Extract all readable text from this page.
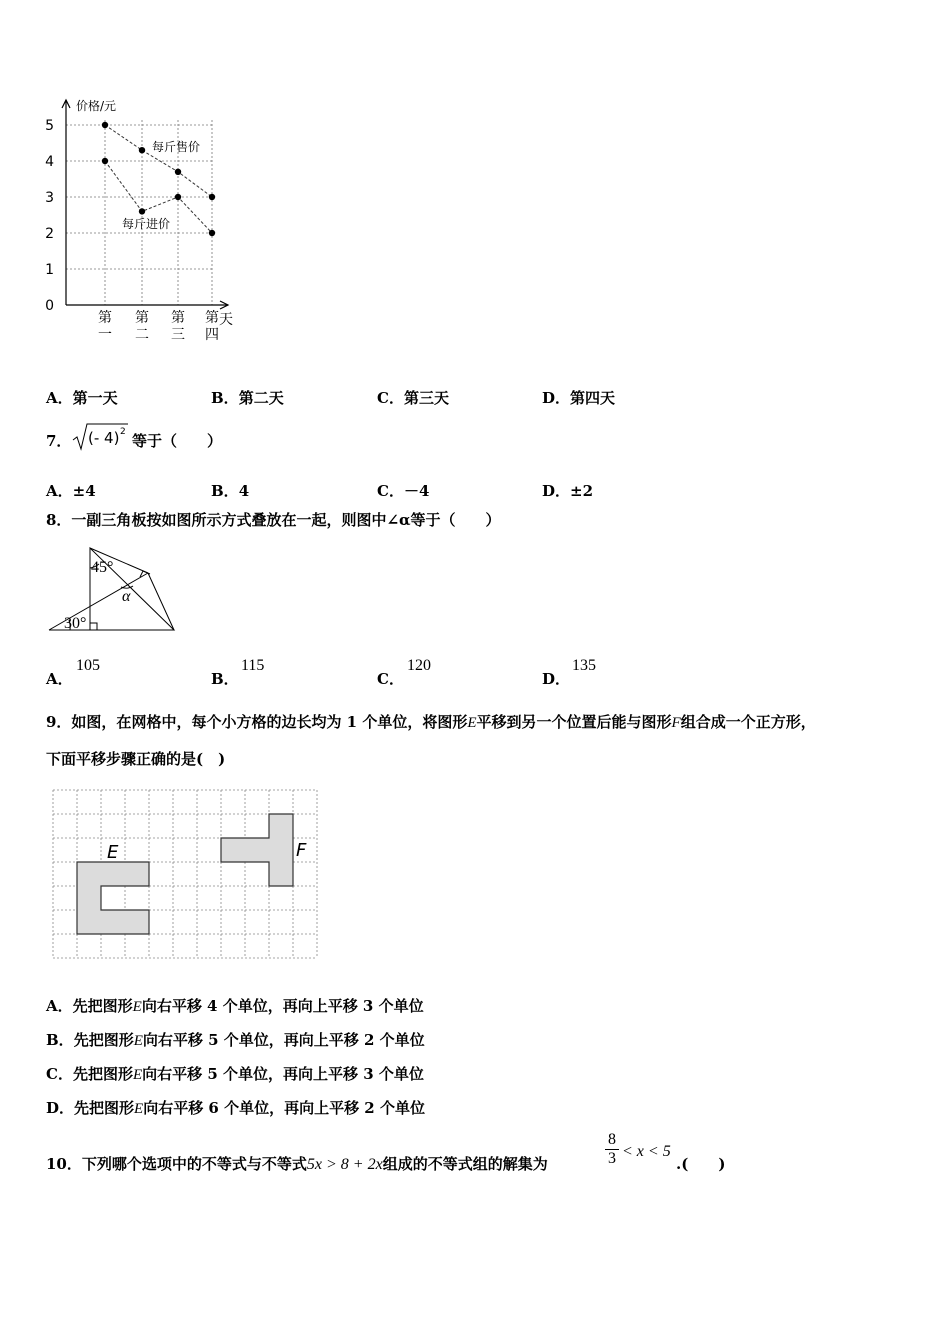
0
1
2
3
4
5
价格/元
天
第
一
第
二
第
三
第
四
每斤售价
每斤进价
A．第一天	B．第二天	C．第三天	D．第四天
7． (- 4) 2 等于（　　）
A．±4	B．4	C．－4	D．±2
8．一副三角板按如图所示方式叠放在一起，则图中∠α等于（　　）
45°
α
30°
A．
105
B．
115
C．
120
D．
135
9．如图，在网格中，每个小方格的边长均为 1 个单位，将图形E平移到另一个位置后能与图形F组合成一个正方形，
下面平移步骤正确的是(　)
E	F
A．先把图形E向右平移 4 个单位，再向上平移 3 个单位
B．先把图形E向右平移 5 个单位，再向上平移 2 个单位
C．先把图形E向右平移 5 个单位，再向上平移 3 个单位
D．先把图形E向右平移 6 个单位，再向上平移 2 个单位
10．下列哪个选项中的不等式与不等式5x > 8 + 2x组成的不等式组的解集为	$\frac{8}{3} < x < 5$
.(　　)
